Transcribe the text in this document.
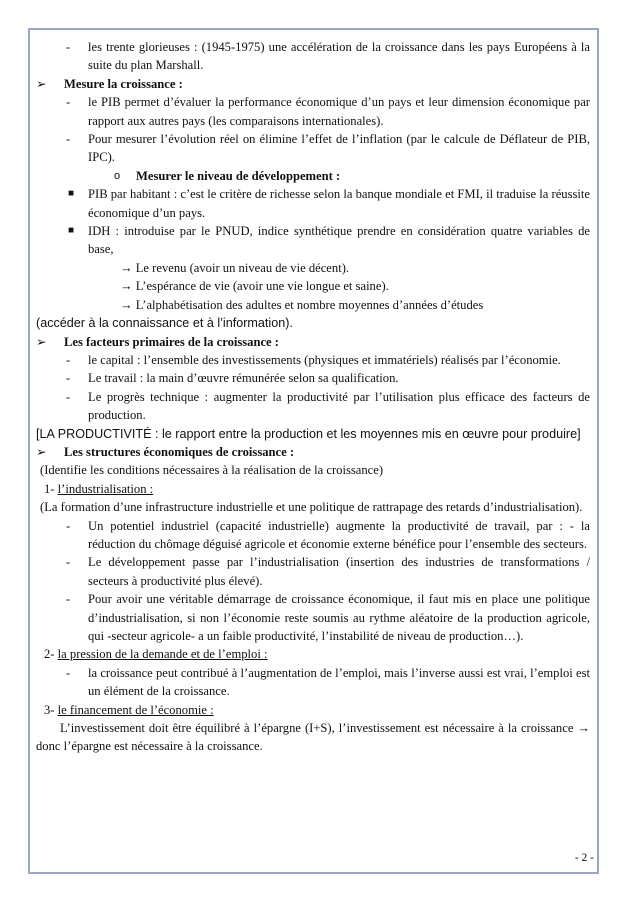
- les trente glorieuses : (1945-1975) une accélération de la croissance dans les pays Européens à la suite du plan Marshall.

➢ Mesure la croissance :

- le PIB permet d’évaluer la performance économique d’un pays et leur dimension économique par rapport aux autres pays (les comparaisons internationales).

- Pour mesurer l’évolution réel on élimine l’effet de l’inflation (par le calcule de Déflateur de PIB, IPC).

o Mesurer le niveau de développement :

■ PIB par habitant : c’est le critère de richesse selon la banque mondiale et FMI, il traduise la réussite économique d’un pays.

■ IDH : introduise par le PNUD, indice synthétique prendre en considération quatre variables de base,

→ Le revenu (avoir un niveau de vie décent).

→ L’espérance de vie (avoir une vie longue et saine).

→ L’alphabétisation des adultes et nombre moyennes d’années d’études

(accéder à la connaissance et à l’information).

➢ Les facteurs primaires de la croissance :

- le capital : l’ensemble des investissements (physiques et immatériels) réalisés par l’économie.

- Le travail : la main d’œuvre rémunérée selon sa qualification.

- Le progrès technique : augmenter la productivité par l’utilisation plus efficace des facteurs de production.

[LA PRODUCTIVITÉ : le rapport entre la production et les moyennes mis en œuvre pour produire]

➢ Les structures économiques de croissance :

(Identifie les conditions nécessaires à la réalisation de la croissance)

1- l’industrialisation :

(La formation d’une infrastructure industrielle et une politique de rattrapage des retards d’industrialisation).

- Un potentiel industriel (capacité industrielle) augmente la productivité de travail, par : - la réduction du chômage déguisé agricole et économie externe bénéfice pour l’ensemble des secteurs.

- Le développement passe par l’industrialisation (insertion des industries de transformations / secteurs à productivité plus élevé).

- Pour avoir une véritable démarrage de croissance économique, il faut mis en place une politique d’industrialisation, si non l’économie reste soumis au rythme aléatoire de la production agricole, qui -secteur agricole- a un faible productivité, l’instabilité de niveau de production…).

2- la pression de la demande et de l’emploi :

- la croissance peut contribué à l’augmentation de l’emploi, mais l’inverse aussi est vrai, l’emploi est un élément de la croissance.

3- le financement de l’économie :

L’investissement doit être équilibré à l’épargne (I+S), l’investissement est nécessaire à la croissance → donc l’épargne est nécessaire à la croissance.

- 2 -
